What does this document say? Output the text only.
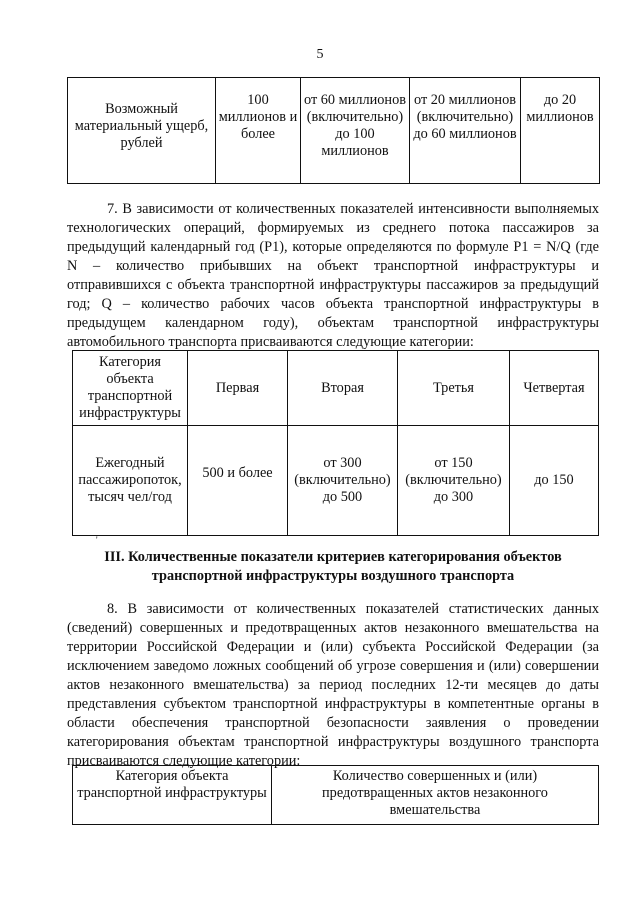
5
Возможный материальный ущерб, рублей	100 миллионов и более	от 60 миллионов (включительно) до 100 миллионов	от 20 миллионов (включительно) до 60 миллионов	до 20 миллионов
7. В зависимости от количественных показателей интенсивности выполняемых технологических операций, формируемых из среднего потока пассажиров за предыдущий календарный год (P1), которые определяются по формуле P1 = N/Q (где N – количество прибывших на объект транспортной инфраструктуры и отправившихся с объекта транспортной инфраструктуры пассажиров за предыдущий год; Q – количество рабочих часов объекта транспортной инфраструктуры в предыдущем календарном году), объектам транспортной инфраструктуры автомобильного транспорта присваиваются следующие категории:
Категория объекта транспортной инфраструктуры	Первая	Вторая	Третья	Четвертая
Ежегодный пассажиропоток, тысяч чел/год	500 и более	от 300 (включительно) до 500	от 150 (включительно) до 300	до 150
'
III. Количественные показатели критериев категорирования объектов транспортной инфраструктуры воздушного транспорта
8. В зависимости от количественных показателей статистических данных (сведений) совершенных и предотвращенных актов незаконного вмешательства на территории Российской Федерации и (или) субъекта Российской Федерации (за исключением заведомо ложных сообщений об угрозе совершения и (или) совершении актов незаконного вмешательства) за период последних 12-ти месяцев до даты представления субъектом транспортной инфраструктуры в компетентные органы в области обеспечения транспортной безопасности заявления о проведении категорирования объектам транспортной инфраструктуры воздушного транспорта присваиваются следующие категории:
Категория объекта транспортной инфраструктуры	Количество совершенных и (или) предотвращенных актов незаконного вмешательства
